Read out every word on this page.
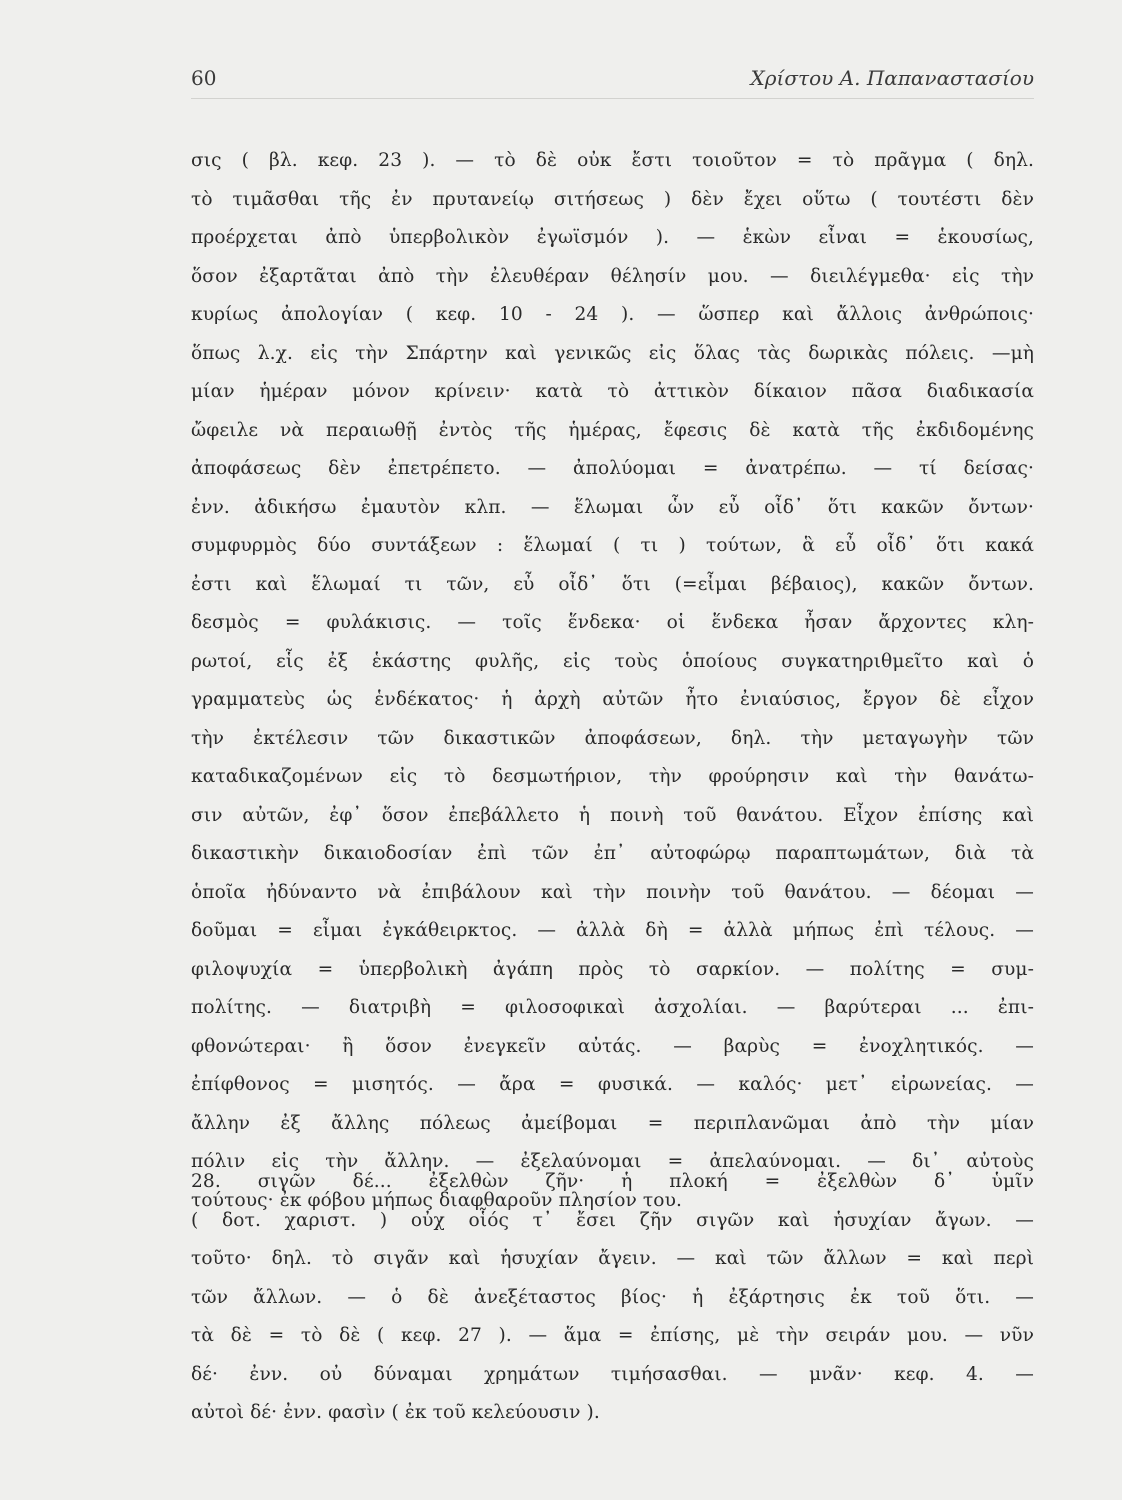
60	Χρίστου Α. Παπαναστασίου
σις ( βλ. κεφ. 23 ). — τὸ δὲ οὐκ ἔστι τοιοῦτον = τὸ πρᾶγμα ( δηλ.
τὸ τιμᾶσθαι τῆς ἐν πρυτανείῳ σιτήσεως ) δὲν ἔχει οὕτω ( τουτέστι δὲν
προέρχεται ἀπὸ ὑπερβολικὸν ἐγωϊσμόν ). — ἑκὼν εἶναι = ἑκουσίως,
ὅσον ἐξαρτᾶται ἀπὸ τὴν ἐλευθέραν θέλησίν μου. — διειλέγμεθα· εἰς τὴν
κυρίως ἀπολογίαν ( κεφ. 10 - 24 ). — ὥσπερ καὶ ἄλλοις ἀνθρώποις·
ὅπως λ.χ. εἰς τὴν Σπάρτην καὶ γενικῶς εἰς ὅλας τὰς δωρικὰς πόλεις. —μὴ
μίαν ἡμέραν μόνον κρίνειν· κατὰ τὸ ἀττικὸν δίκαιον πᾶσα διαδικασία
ὤφειλε νὰ περαιωθῇ ἐντὸς τῆς ἡμέρας, ἔφεσις δὲ κατὰ τῆς ἐκδιδομένης
ἀποφάσεως δὲν ἐπετρέπετο. — ἀπολύομαι = ἀνατρέπω. — τί δείσας·
ἐνν. ἀδικήσω ἐμαυτὸν κλπ. — ἕλωμαι ὧν εὖ οἶδ᾽ ὅτι κακῶν ὄντων·
συμφυρμὸς δύο συντάξεων : ἕλωμαί ( τι ) τούτων, ἃ εὖ οἶδ᾽ ὅτι κακά
ἐστι καὶ ἕλωμαί τι τῶν, εὖ οἶδ᾽ ὅτι (=εἶμαι βέβαιος), κακῶν ὄντων.
δεσμὸς = φυλάκισις. — τοῖς ἕνδεκα· οἱ ἕνδεκα ἦσαν ἄρχοντες κλη-
ρωτοί, εἷς ἐξ ἑκάστης φυλῆς, εἰς τοὺς ὁποίους συγκατηριθμεῖτο καὶ ὁ
γραμματεὺς ὡς ἑνδέκατος· ἡ ἀρχὴ αὐτῶν ἦτο ἐνιαύσιος, ἔργον δὲ εἶχον
τὴν ἐκτέλεσιν τῶν δικαστικῶν ἀποφάσεων, δηλ. τὴν μεταγωγὴν τῶν
καταδικαζομένων εἰς τὸ δεσμωτήριον, τὴν φρούρησιν καὶ τὴν θανάτω-
σιν αὐτῶν, ἐφ᾽ ὅσον ἐπεβάλλετο ἡ ποινὴ τοῦ θανάτου. Εἶχον ἐπίσης καὶ
δικαστικὴν δικαιοδοσίαν ἐπὶ τῶν ἐπ᾽ αὐτοφώρῳ παραπτωμάτων, διὰ τὰ
ὁποῖα ἠδύναντο νὰ ἐπιβάλουν καὶ τὴν ποινὴν τοῦ θανάτου. — δέομαι —
δοῦμαι = εἶμαι ἐγκάθειρκτος. — ἀλλὰ δὴ = ἀλλὰ μήπως ἐπὶ τέλους. —
φιλοψυχία = ὑπερβολικὴ ἀγάπη πρὸς τὸ σαρκίον. — πολίτης = συμ-
πολίτης. — διατριβὴ = φιλοσοφικαὶ ἀσχολίαι. — βαρύτεραι ... ἐπι-
φθονώτεραι· ἢ ὅσον ἐνεγκεῖν αὐτάς. — βαρὺς = ἐνοχλητικός. —
ἐπίφθονος = μισητός. — ἄρα = φυσικά. — καλός· μετ᾽ εἰρωνείας. —
ἄλλην ἐξ ἄλλης πόλεως ἀμείβομαι = περιπλανῶμαι ἀπὸ τὴν μίαν
πόλιν εἰς τὴν ἄλλην. — ἐξελαύνομαι = ἀπελαύνομαι. — δι᾽ αὐτοὺς
τούτους· ἐκ φόβου μήπως διαφθαροῦν πλησίον του.
28. σιγῶν δέ... ἐξελθὼν ζῆν· ἡ πλοκή = ἐξελθὼν δ᾽ ὑμῖν
( δοτ. χαριστ. ) οὐχ οἷός τ᾽ ἔσει ζῆν σιγῶν καὶ ἡσυχίαν ἄγων. —
τοῦτο· δηλ. τὸ σιγᾶν καὶ ἡσυχίαν ἄγειν. — καὶ τῶν ἄλλων = καὶ περὶ
τῶν ἄλλων. — ὁ δὲ ἀνεξέταστος βίος· ἡ ἐξάρτησις ἐκ τοῦ ὅτι. —
τὰ δὲ = τὸ δὲ ( κεφ. 27 ). — ἅμα = ἐπίσης, μὲ τὴν σειράν μου. — νῦν
δέ· ἐνν. οὐ δύναμαι χρημάτων τιμήσασθαι. — μνᾶν· κεφ. 4. —
αὐτοὶ δέ· ἐνν. φασὶν ( ἐκ τοῦ κελεύουσιν ).
